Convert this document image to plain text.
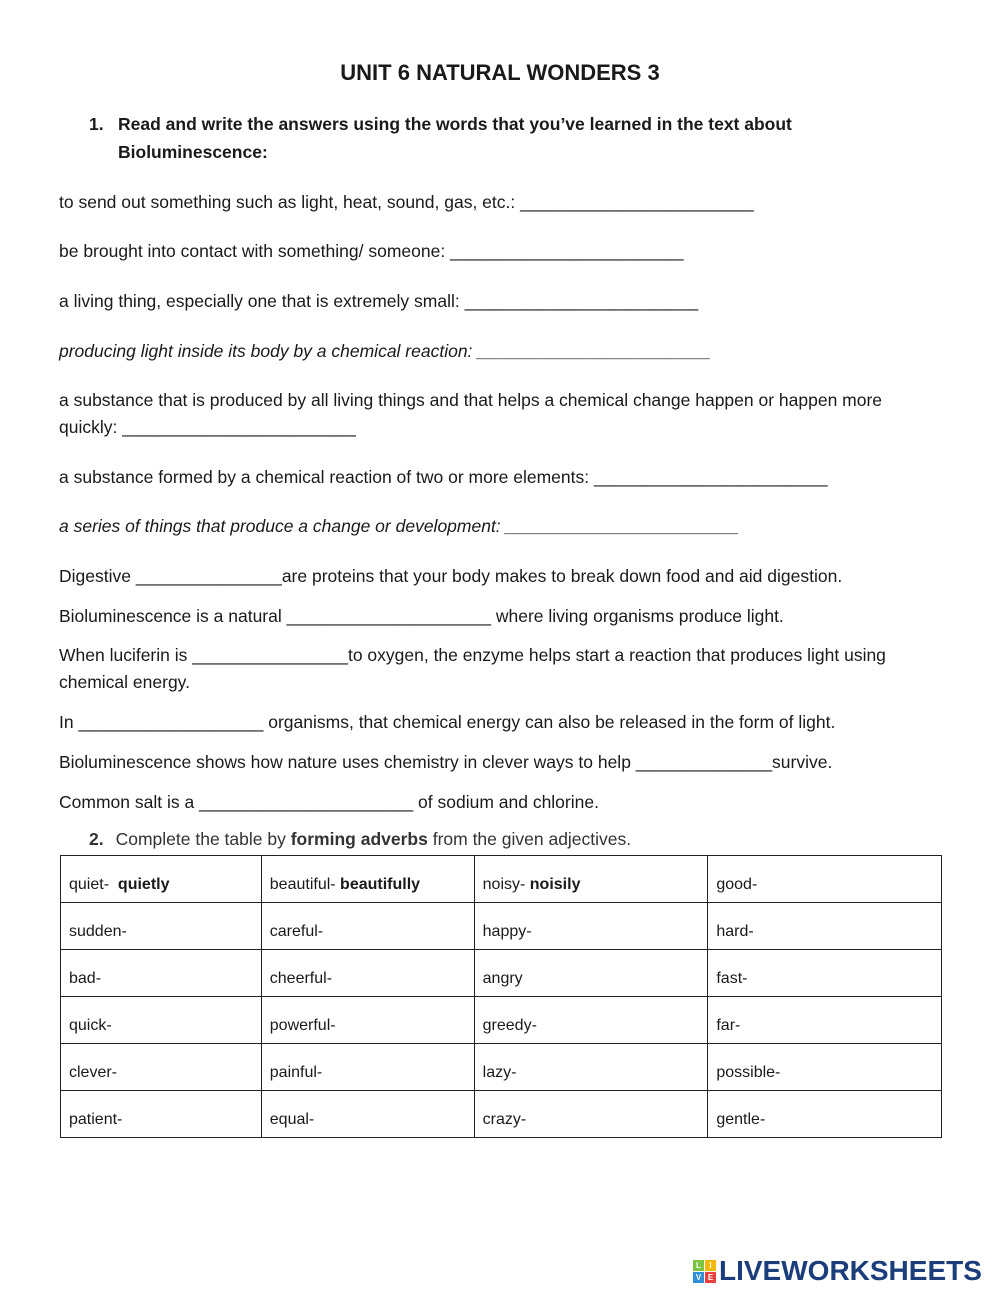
UNIT 6 NATURAL WONDERS 3
1. Read and write the answers using the words that you’ve learned in the text about Bioluminescence:
to send out something such as light, heat, sound, gas, etc.: ________________________
be brought into contact with something/ someone: ________________________
a living thing, especially one that is extremely small: ________________________
producing light inside its body by a chemical reaction: ________________________
a substance that is produced by all living things and that helps a chemical change happen or happen more quickly: ________________________
a substance formed by a chemical reaction of two or more elements: ________________________
a series of things that produce a change or development: ________________________
Digestive _______________are proteins that your body makes to break down food and aid digestion.
Bioluminescence is a natural _____________________ where living organisms produce light.
When luciferin is ________________to oxygen, the enzyme helps start a reaction that produces light using chemical energy.
In ___________________ organisms, that chemical energy can also be released in the form of light.
Bioluminescence shows how nature uses chemistry in clever ways to help ______________survive.
Common salt is a ______________________ of sodium and chlorine.
2. Complete the table by forming adverbs from the given adjectives.
quiet-  quietly	beautiful- beautifully	noisy- noisily	good-
sudden-	careful-	happy-	hard-
bad-	cheerful-	angry	fast-
quick-	powerful-	greedy-	far-
clever-	painful-	lazy-	possible-
patient-	equal-	crazy-	gentle-
L	I
V E LIVEWORKSHEETS
